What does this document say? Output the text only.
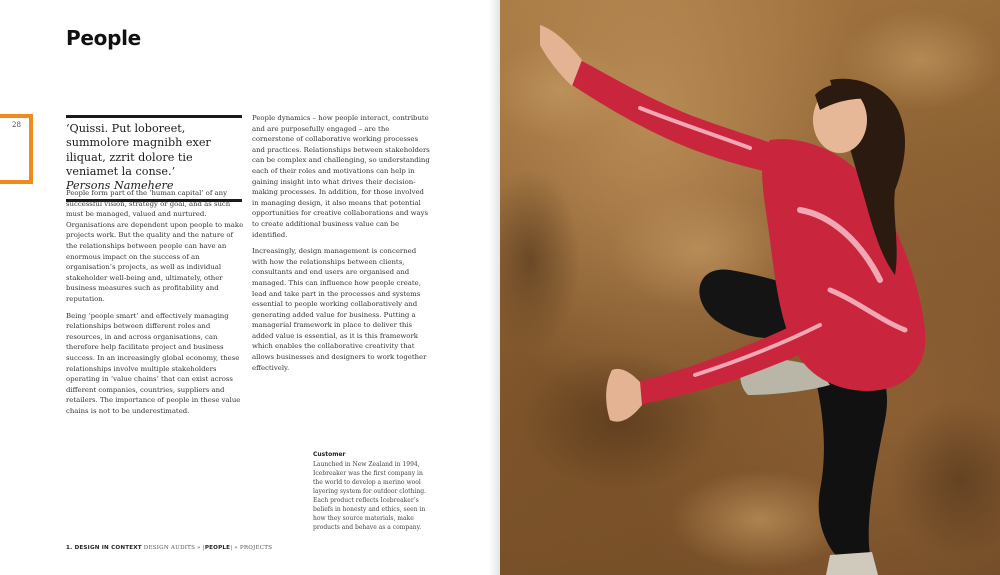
People
28	‘Quissi. Put loboreet, summolore magnibh exer iliquat, zzrit dolore tie veniamet la conse.’
Persons Namehere

People form part of the ‘human capital’ of any successful vision, strategy or goal, and as such must be managed, valued and nurtured. Organisations are dependent upon people to make projects work. But the quality and the nature of the relationships between people can have an enormous impact on the success of an organisation’s projects, as well as individual stakeholder well-being and, ultimately, other business measures such as profitability and reputation.

Being ‘people smart’ and effectively managing relationships between different roles and resources, in and across organisations, can therefore help facilitate project and business success. In an increasingly global economy, these relationships involve multiple stakeholders operating in ‘value chains’ that can exist across different companies, countries, suppliers and retailers. The importance of people in these value chains is not to be underestimated.

People dynamics – how people interact, contribute and are purposefully engaged – are the cornerstone of collaborative working processes and practices. Relationships between stakeholders can be complex and challenging, so understanding each of their roles and motivations can help in gaining insight into what drives their decision-making processes. In addition, for those involved in managing design, it also means that potential opportunities for creative collaborations and ways to create additional business value can be identified.

Increasingly, design management is concerned with how the relationships between clients, consultants and end users are organised and managed. This can influence how people create, lead and take part in the processes and systems essential to people working collaboratively and generating added value for business. Putting a managerial framework in place to deliver this added value is essential, as it is this framework which enables the collaborative creativity that allows businesses and designers to work together effectively.

Customer
Launched in New Zealand in 1994, Icebreaker was the first company in the world to develop a merino wool layering system for outdoor clothing. Each product reflects Icebreaker’s beliefs in honesty and ethics, seen in how they source materials, make products and behave as a company.
1. DESIGN IN CONTEXT DESIGN AUDITS » |PEOPLE| » PROJECTS
